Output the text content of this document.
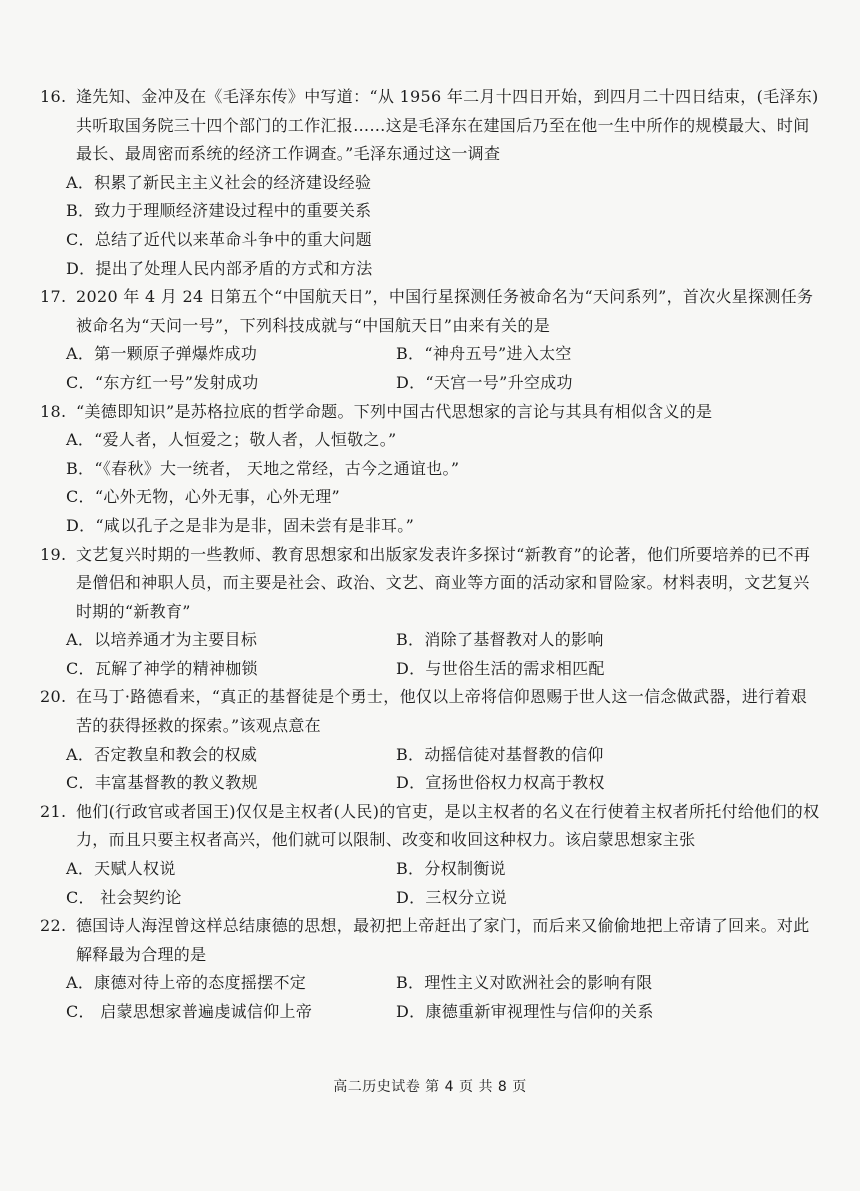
16. 逄先知、金冲及在《毛泽东传》中写道：“从 1956 年二月十四日开始，到四月二十四日结束，(毛泽东)共听取国务院三十四个部门的工作汇报……这是毛泽东在建国后乃至在他一生中所作的规模最大、时间最长、最周密而系统的经济工作调查。”毛泽东通过这一调查

A．积累了新民主主义社会的经济建设经验

B．致力于理顺经济建设过程中的重要关系

C．总结了近代以来革命斗争中的重大问题

D．提出了处理人民内部矛盾的方式和方法

17. 2020 年 4 月 24 日第五个“中国航天日”，中国行星探测任务被命名为“天问系列”，首次火星探测任务被命名为“天问一号”，下列科技成就与“中国航天日”由来有关的是

A．第一颗原子弹爆炸成功	B．“神舟五号”进入太空

C．“东方红一号”发射成功	D．“天宫一号”升空成功

18. “美德即知识”是苏格拉底的哲学命题。下列中国古代思想家的言论与其具有相似含义的是

A．“爱人者，人恒爱之；敬人者，人恒敬之。”

B．“《春秋》大一统者， 天地之常经，古今之通谊也。”

C．“心外无物，心外无事，心外无理”

D．“咸以孔子之是非为是非，固未尝有是非耳。”

19. 文艺复兴时期的一些教师、教育思想家和出版家发表许多探讨“新教育”的论著，他们所要培养的已不再是僧侣和神职人员，而主要是社会、政治、文艺、商业等方面的活动家和冒险家。材料表明，文艺复兴时期的“新教育”

A．以培养通才为主要目标	B．消除了基督教对人的影响

C．瓦解了神学的精神枷锁	D．与世俗生活的需求相匹配

20. 在马丁·路德看来，“真正的基督徒是个勇士，他仅以上帝将信仰恩赐于世人这一信念做武器，进行着艰苦的获得拯救的探索。”该观点意在

A．否定教皇和教会的权威	B．动摇信徒对基督教的信仰

C．丰富基督教的教义教规	D．宣扬世俗权力权高于教权

21. 他们(行政官或者国王)仅仅是主权者(人民)的官吏，是以主权者的名义在行使着主权者所托付给他们的权力，而且只要主权者高兴，他们就可以限制、改变和收回这种权力。该启蒙思想家主张

A．天赋人权说	B．分权制衡说

C． 社会契约论	D．三权分立说

22. 德国诗人海涅曾这样总结康德的思想，最初把上帝赶出了家门，而后来又偷偷地把上帝请了回来。对此解释最为合理的是

A．康德对待上帝的态度摇摆不定	B．理性主义对欧洲社会的影响有限

C． 启蒙思想家普遍虔诚信仰上帝	D．康德重新审视理性与信仰的关系

高二历史试卷 第 4 页 共 8 页
